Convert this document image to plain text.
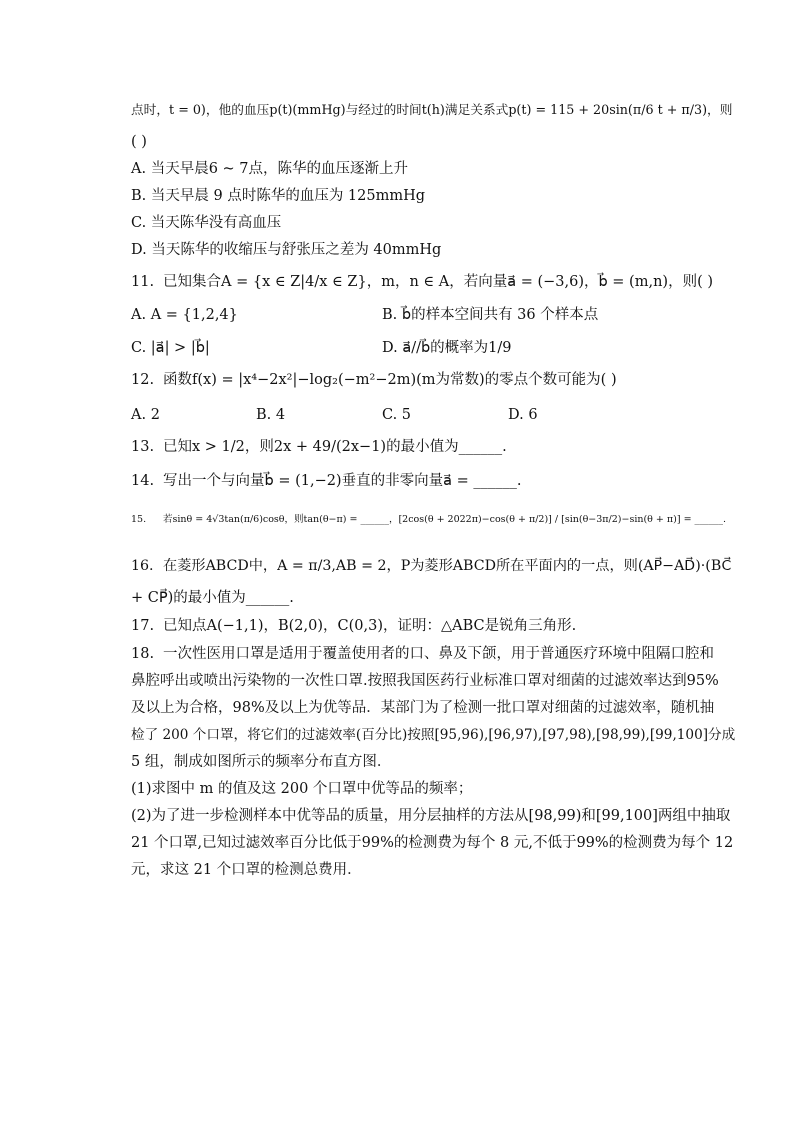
点时，t = 0)，他的血压p(t)(mmHg)与经过的时间t(h)满足关系式p(t) = 115 + 20sin(π/6 t + π/3)，则
( )
A. 当天早晨6 ~ 7点，陈华的血压逐渐上升
B. 当天早晨 9 点时陈华的血压为 125mmHg
C. 当天陈华没有高血压
D. 当天陈华的收缩压与舒张压之差为 40mmHg
11. 已知集合A = {x ∈ Z|4/x ∈ Z}，m，n ∈ A，若向量a⃗ = (−3,6)，b⃗ = (m,n)，则( )
A. A = {1,2,4}	B. b⃗的样本空间共有 36 个样本点
C. |a⃗| > |b⃗|	D. a⃗//b⃗的概率为1/9
12. 函数f(x) = |x⁴−2x²|−log₂(−m²−2m)(m为常数)的零点个数可能为( )
A. 2	B. 4	C. 5	D. 6
13. 已知x > 1/2，则2x + 49/(2x−1)的最小值为______.
14. 写出一个与向量b⃗ = (1,−2)垂直的非零向量a⃗ = ______.
15. 若sinθ = 4√3tan(π/6)cosθ，则tan(θ−π) = ______，[2cos(θ + 2022π)−cos(θ + π/2)] / [sin(θ−3π/2)−sin(θ + π)] = ______.
16. 在菱形ABCD中，A = π/3,AB = 2，P为菱形ABCD所在平面内的一点，则(AP⃗−AD⃗)·(BC⃗
+ CP⃗)的最小值为______.
17. 已知点A(−1,1)，B(2,0)，C(0,3)，证明：△ABC是锐角三角形.
18. 一次性医用口罩是适用于覆盖使用者的口、鼻及下颌，用于普通医疗环境中阻隔口腔和
鼻腔呼出或喷出污染物的一次性口罩.按照我国医药行业标准口罩对细菌的过滤效率达到95%
及以上为合格，98%及以上为优等品．某部门为了检测一批口罩对细菌的过滤效率，随机抽
检了 200 个口罩，将它们的过滤效率(百分比)按照[95,96),[96,97),[97,98),[98,99),[99,100]分成
5 组，制成如图所示的频率分布直方图．
(1)求图中 m 的值及这 200 个口罩中优等品的频率；
(2)为了进一步检测样本中优等品的质量，用分层抽样的方法从[98,99)和[99,100]两组中抽取
21 个口罩,已知过滤效率百分比低于99%的检测费为每个 8 元,不低于99%的检测费为每个 12
元，求这 21 个口罩的检测总费用．
